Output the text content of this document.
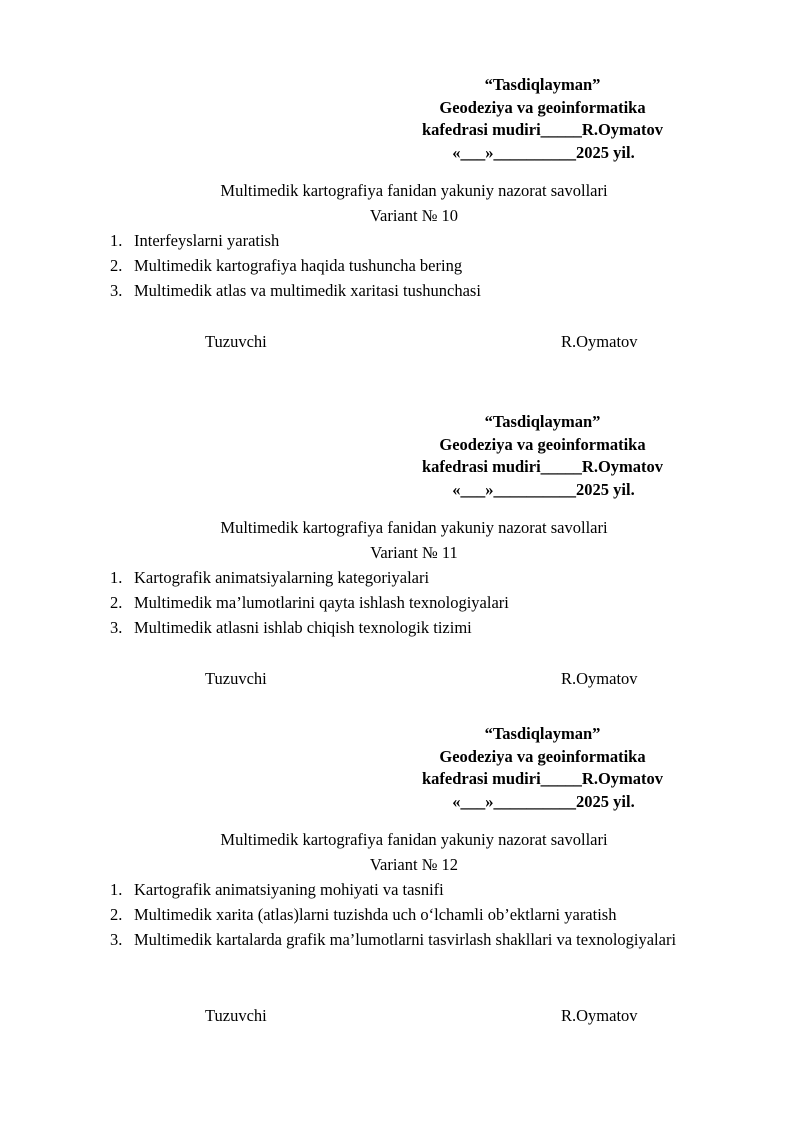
“Tasdiqlayman”
Geodeziya va geoinformatika
kafedrasi mudiri_____R.Oymatov
«___»__________2025 yil.
Multimedik kartografiya fanidan yakuniy nazorat savollari
Variant № 10
1. Interfeyslarni yaratish
2. Multimedik kartografiya haqida tushuncha bering
3. Multimedik atlas va multimedik xaritasi tushunchasi
Tuzuvchi	R.Oymatov
“Tasdiqlayman”
Geodeziya va geoinformatika
kafedrasi mudiri_____R.Oymatov
«___»__________2025 yil.
Multimedik kartografiya fanidan yakuniy nazorat savollari
Variant № 11
1. Kartografik animatsiyalarning kategoriyalari
2. Multimedik ma’lumotlarini qayta ishlash texnologiyalari
3. Multimedik atlasni ishlab chiqish texnologik tizimi
Tuzuvchi	R.Oymatov
“Tasdiqlayman”
Geodeziya va geoinformatika
kafedrasi mudiri_____R.Oymatov
«___»__________2025 yil.
Multimedik kartografiya fanidan yakuniy nazorat savollari
Variant № 12
1. Kartografik animatsiyaning mohiyati va tasnifi
2. Multimedik xarita (atlas)larni tuzishda uch o‘lchamli ob’ektlarni yaratish
3. Multimedik kartalarda grafik ma’lumotlarni tasvirlash shakllari va texnologiyalari
Tuzuvchi	R.Oymatov
